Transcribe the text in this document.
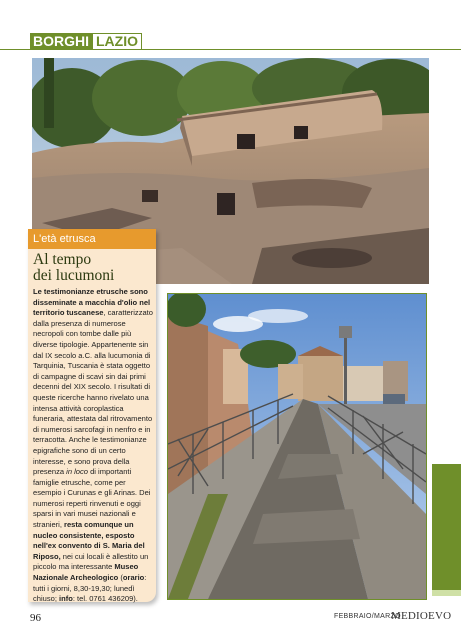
BORGHI LAZIO
L'età etrusca
Al tempo
dei lucumoni
Le testimonianze etrusche sono disseminate a macchia d'olio nel territorio tuscanese, caratterizzato dalla presenza di numerose necropoli con tombe dalle più diverse tipologie. Appartenente sin dal IX secolo a.C. alla lucumonia di Tarquinia, Tuscania è stata oggetto di campagne di scavi sin dai primi decenni del XIX secolo. I risultati di queste ricerche hanno rivelato una intensa attività coroplastica funeraria, attestata dal ritrovamento di numerosi sarcofagi in nenfro e in terracotta. Anche le testimonianze epigrafiche sono di un certo interesse, e sono prova della presenza in loco di importanti famiglie etrusche, come per esempio i Curunas e gli Arinas. Dei numerosi reperti rinvenuti e oggi sparsi in vari musei nazionali e stranieri, resta comunque un nucleo consistente, esposto nell'ex convento di S. Maria del Riposo, nei cui locali è allestito un piccolo ma interessante Museo Nazionale Archeologico (orario: tutti i giorni, 8,30-19,30; lunedì chiuso; info: tel. 0761 436209).
96	FEBBRAIO/MARZO
MEDIOEVO
